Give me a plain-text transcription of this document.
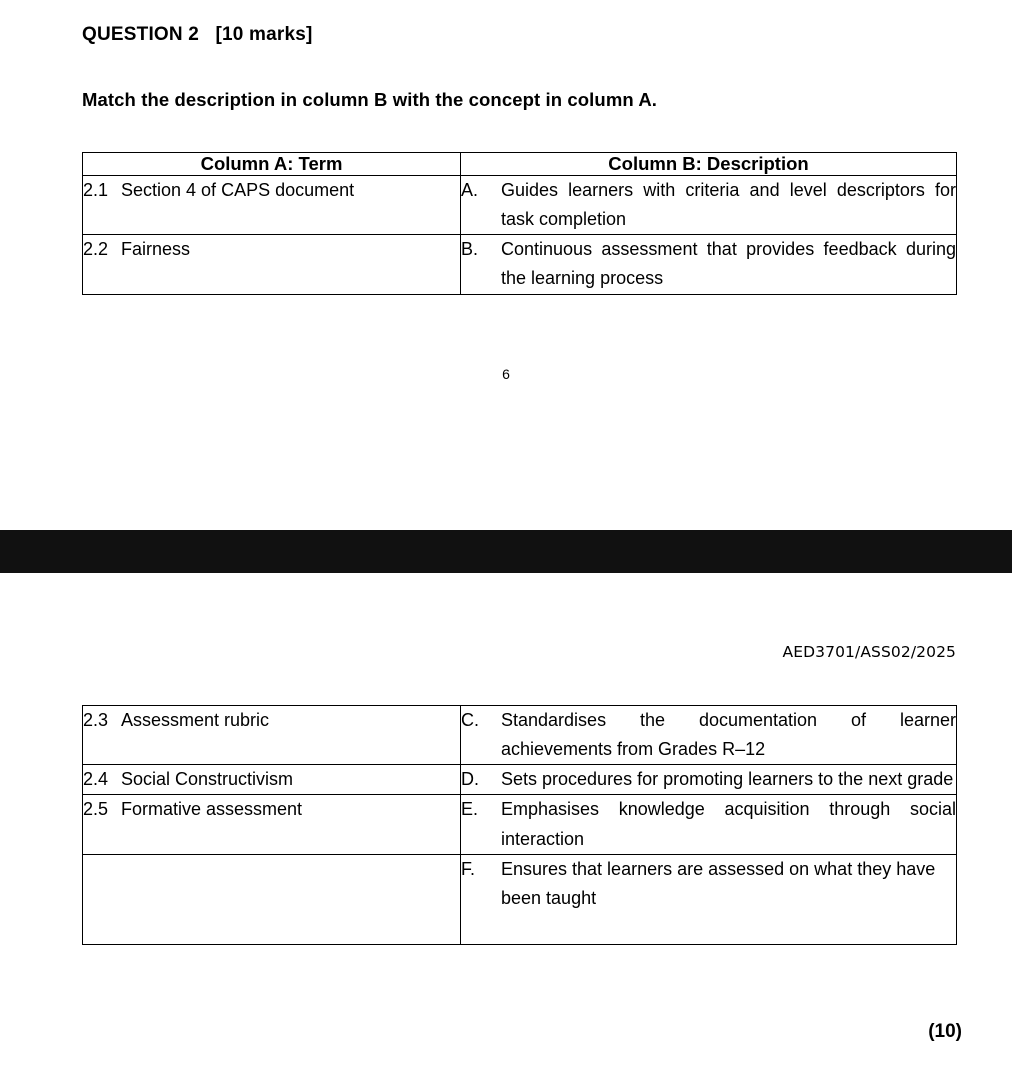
QUESTION 2   [10 marks]
Match the description in column B with the concept in column A.
Column A: Term	Column B: Description
2.1 Section 4 of CAPS document	A. Guides learners with criteria and level descriptors for task completion

2.2 Fairness	B. Continuous assessment that provides feedback during the learning process
6
AED3701/ASS02/2025
2.3 Assessment rubric	C. Standardises the documentation of learner achievements from Grades R–12

2.4 Social Constructivism	D. Sets procedures for promoting learners to the next grade

2.5 Formative assessment	E. Emphasises knowledge acquisition through social interaction

	F. Ensures that learners are assessed on what they have been taught
(10)
